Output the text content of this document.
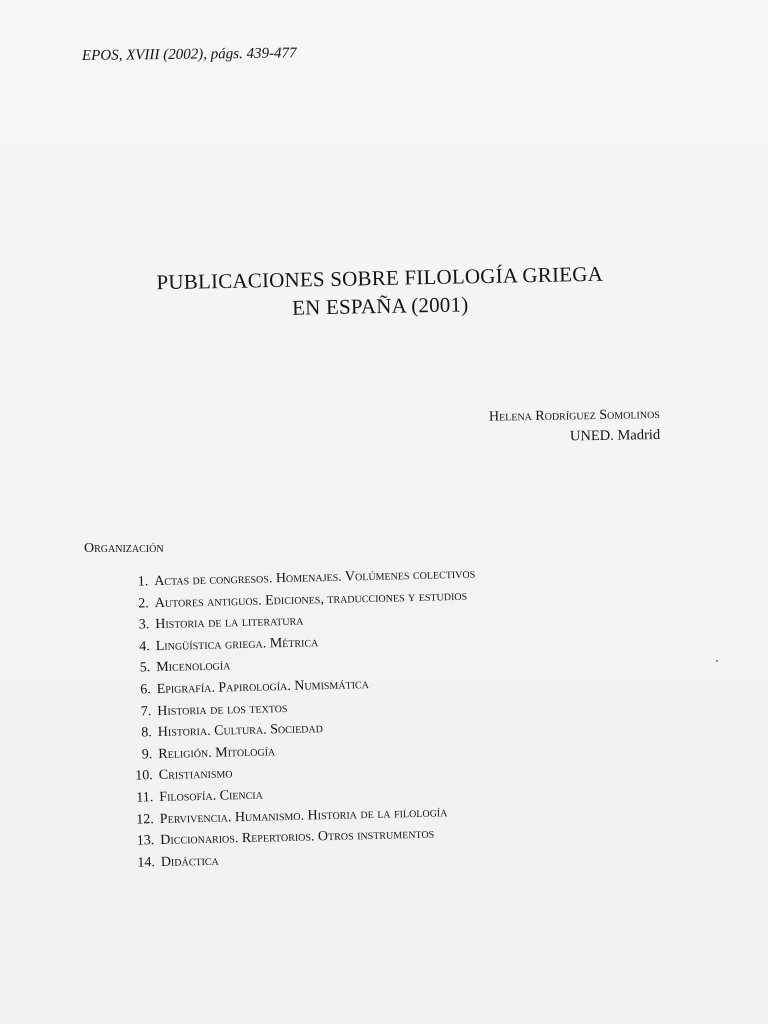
EPOS, XVIII (2002), págs. 439-477
PUBLICACIONES SOBRE FILOLOGÍA GRIEGA
EN ESPAÑA (2001)
Helena Rodríguez Somolinos
UNED. Madrid
Organización
1. Actas de congresos. Homenajes. Volúmenes colectivos
2. Autores antiguos. Ediciones, traducciones y estudios
3. Historia de la literatura
4. Lingüística griega. Métrica
5. Micenología
6. Epigrafía. Papirología. Numismática
7. Historia de los textos
8. Historia. Cultura. Sociedad
9. Religión. Mitología
10. Cristianismo
11. Filosofía. Ciencia
12. Pervivencia. Humanismo. Historia de la filología
13. Diccionarios. Repertorios. Otros instrumentos
14. Didáctica
